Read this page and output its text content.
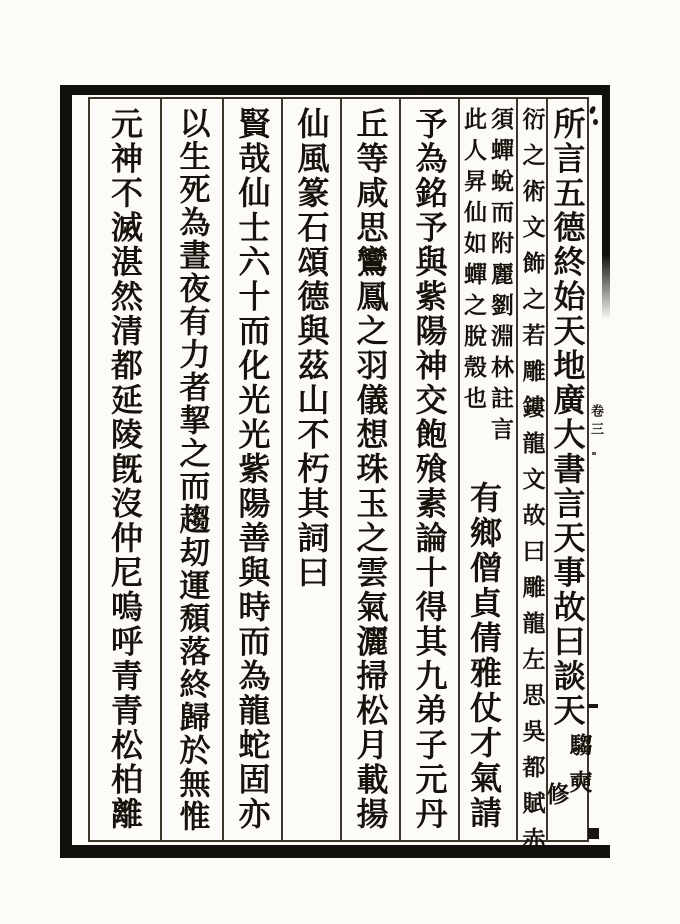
所言五德終始天地廣大書言天事故曰談天
騶奭
修
衍之術文飾之若雕鏤龍文故曰雕龍左思吳都賦赤
須蟬蛻而附麗劉淵林註言
此人昇仙如蟬之脫殼也
有鄉僧貞倩雅仗才氣請
予為銘予與紫陽神交飽飱素論十得其九弟子元丹
丘等咸思鸞鳳之羽儀想珠玉之雲氣灑掃松月載揚
仙風篆石頌德與茲山不朽其詞曰
賢哉仙士六十而化光光紫陽善與時而為龍蛇固亦
以生死為晝夜有力者挈之而趨刧運頹落終歸於無惟
元神不滅湛然清都延陵旣沒仲尼嗚呼青青松柏離	卷三
